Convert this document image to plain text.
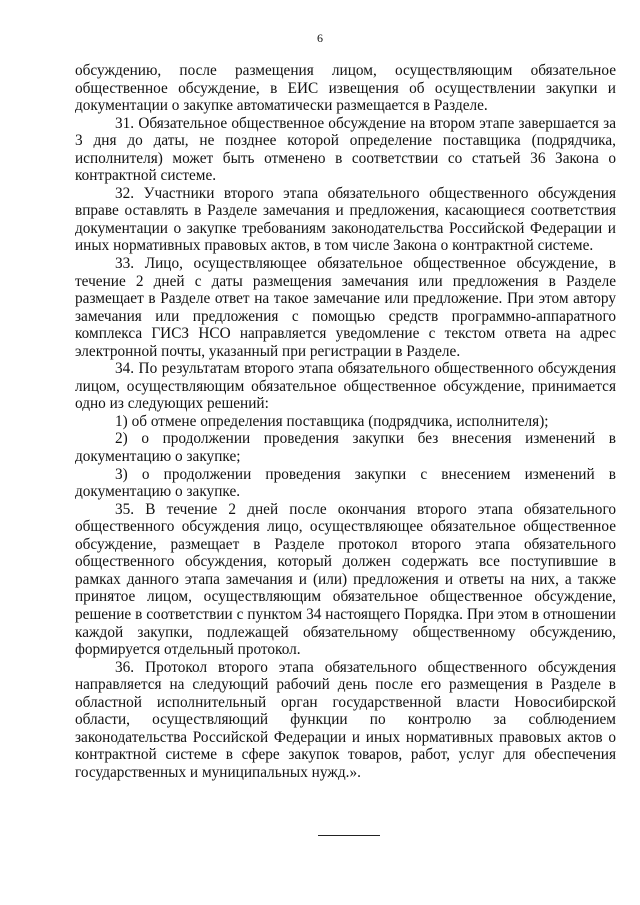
6

обсуждению, после размещения лицом, осуществляющим обязательное общественное обсуждение, в ЕИС извещения об осуществлении закупки и документации о закупке автоматически размещается в Разделе.

31. Обязательное общественное обсуждение на втором этапе завершается за 3 дня до даты, не позднее которой определение поставщика (подрядчика, исполнителя) может быть отменено в соответствии со статьей 36 Закона о контрактной системе.

32. Участники второго этапа обязательного общественного обсуждения вправе оставлять в Разделе замечания и предложения, касающиеся соответствия документации о закупке требованиям законодательства Российской Федерации и иных нормативных правовых актов, в том числе Закона о контрактной системе.

33. Лицо, осуществляющее обязательное общественное обсуждение, в течение 2 дней с даты размещения замечания или предложения в Разделе размещает в Разделе ответ на такое замечание или предложение. При этом автору замечания или предложения с помощью средств программно-аппаратного комплекса ГИСЗ НСО направляется уведомление с текстом ответа на адрес электронной почты, указанный при регистрации в Разделе.

34. По результатам второго этапа обязательного общественного обсуждения лицом, осуществляющим обязательное общественное обсуждение, принимается одно из следующих решений:

1) об отмене определения поставщика (подрядчика, исполнителя);

2) о продолжении проведения закупки без внесения изменений в документацию о закупке;

3) о продолжении проведения закупки с внесением изменений в документацию о закупке.

35. В течение 2 дней после окончания второго этапа обязательного общественного обсуждения лицо, осуществляющее обязательное общественное обсуждение, размещает в Разделе протокол второго этапа обязательного общественного обсуждения, который должен содержать все поступившие в рамках данного этапа замечания и (или) предложения и ответы на них, а также принятое лицом, осуществляющим обязательное общественное обсуждение, решение в соответствии с пунктом 34 настоящего Порядка. При этом в отношении каждой закупки, подлежащей обязательному общественному обсуждению, формируется отдельный протокол.

36. Протокол второго этапа обязательного общественного обсуждения направляется на следующий рабочий день после его размещения в Разделе в областной исполнительный орган государственной власти Новосибирской области, осуществляющий функции по контролю за соблюдением законодательства Российской Федерации и иных нормативных правовых актов о контрактной системе в сфере закупок товаров, работ, услуг для обеспечения государственных и муниципальных нужд.».
